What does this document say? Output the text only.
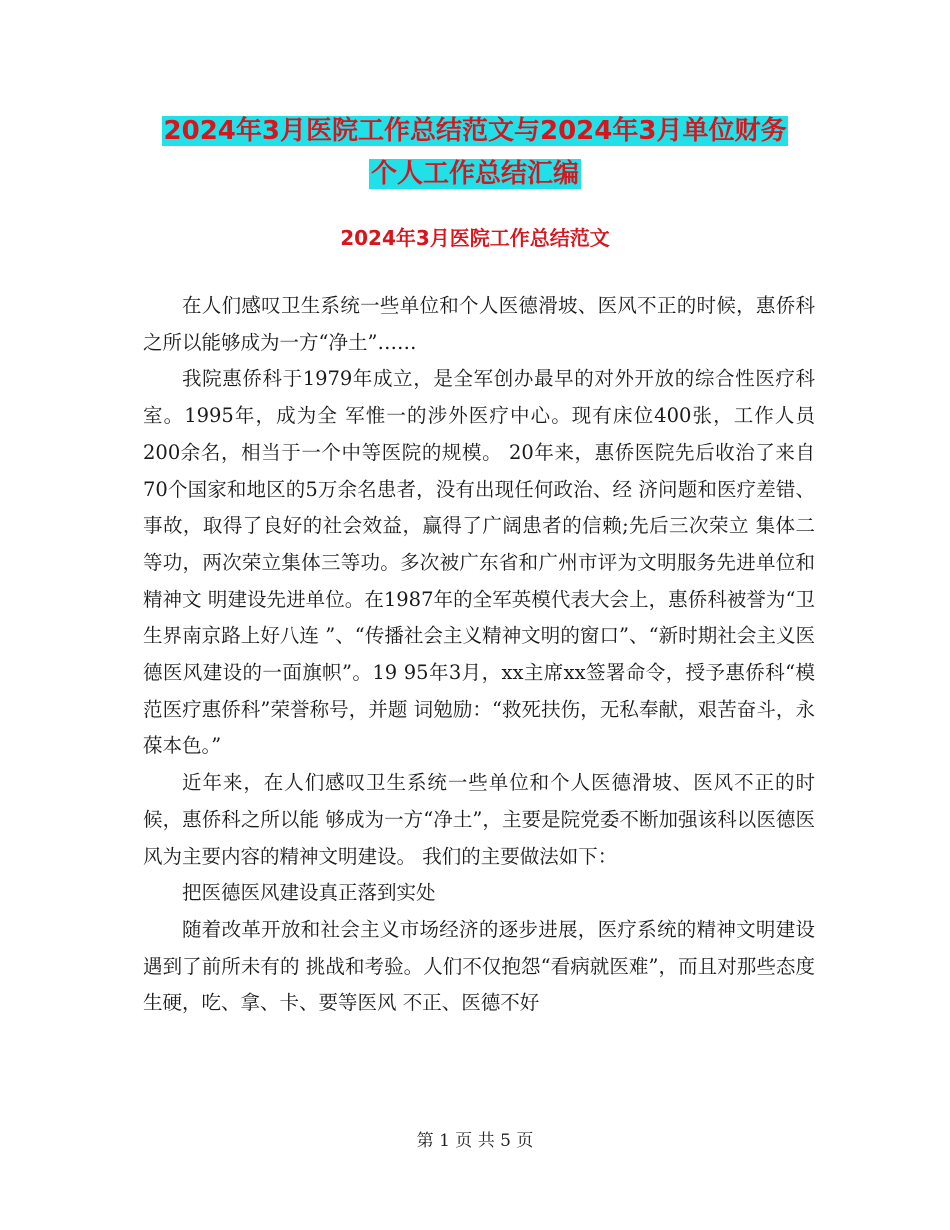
2024年3月医院工作总结范文与2024年3月单位财务
个人工作总结汇编
2024年3月医院工作总结范文

在人们感叹卫生系统一些单位和个人医德滑坡、医风不正的时候，惠侨科之所以能够成为一方“净土”……

我院惠侨科于1979年成立，是全军创办最早的对外开放的综合性医疗科室。1995年，成为全 军惟一的涉外医疗中心。现有床位400张，工作人员200余名，相当于一个中等医院的规模。 20年来，惠侨医院先后收治了来自70个国家和地区的5万余名患者，没有出现任何政治、经 济问题和医疗差错、事故，取得了良好的社会效益，赢得了广阔患者的信赖;先后三次荣立 集体二等功，两次荣立集体三等功。多次被广东省和广州市评为文明服务先进单位和精神文 明建设先进单位。在1987年的全军英模代表大会上，惠侨科被誉为“卫生界南京路上好八连 ”、“传播社会主义精神文明的窗口”、“新时期社会主义医德医风建设的一面旗帜”。19 95年3月，xx主席xx签署命令，授予惠侨科“模范医疗惠侨科”荣誉称号，并题 词勉励：“救死扶伤，无私奉献，艰苦奋斗，永葆本色。”

近年来，在人们感叹卫生系统一些单位和个人医德滑坡、医风不正的时候，惠侨科之所以能 够成为一方“净土”，主要是院党委不断加强该科以医德医风为主要内容的精神文明建设。 我们的主要做法如下：

把医德医风建设真正落到实处

随着改革开放和社会主义市场经济的逐步进展，医疗系统的精神文明建设遇到了前所未有的 挑战和考验。人们不仅抱怨“看病就医难”，而且对那些态度生硬，吃、拿、卡、要等医风 不正、医德不好

第 1 页 共 5 页
